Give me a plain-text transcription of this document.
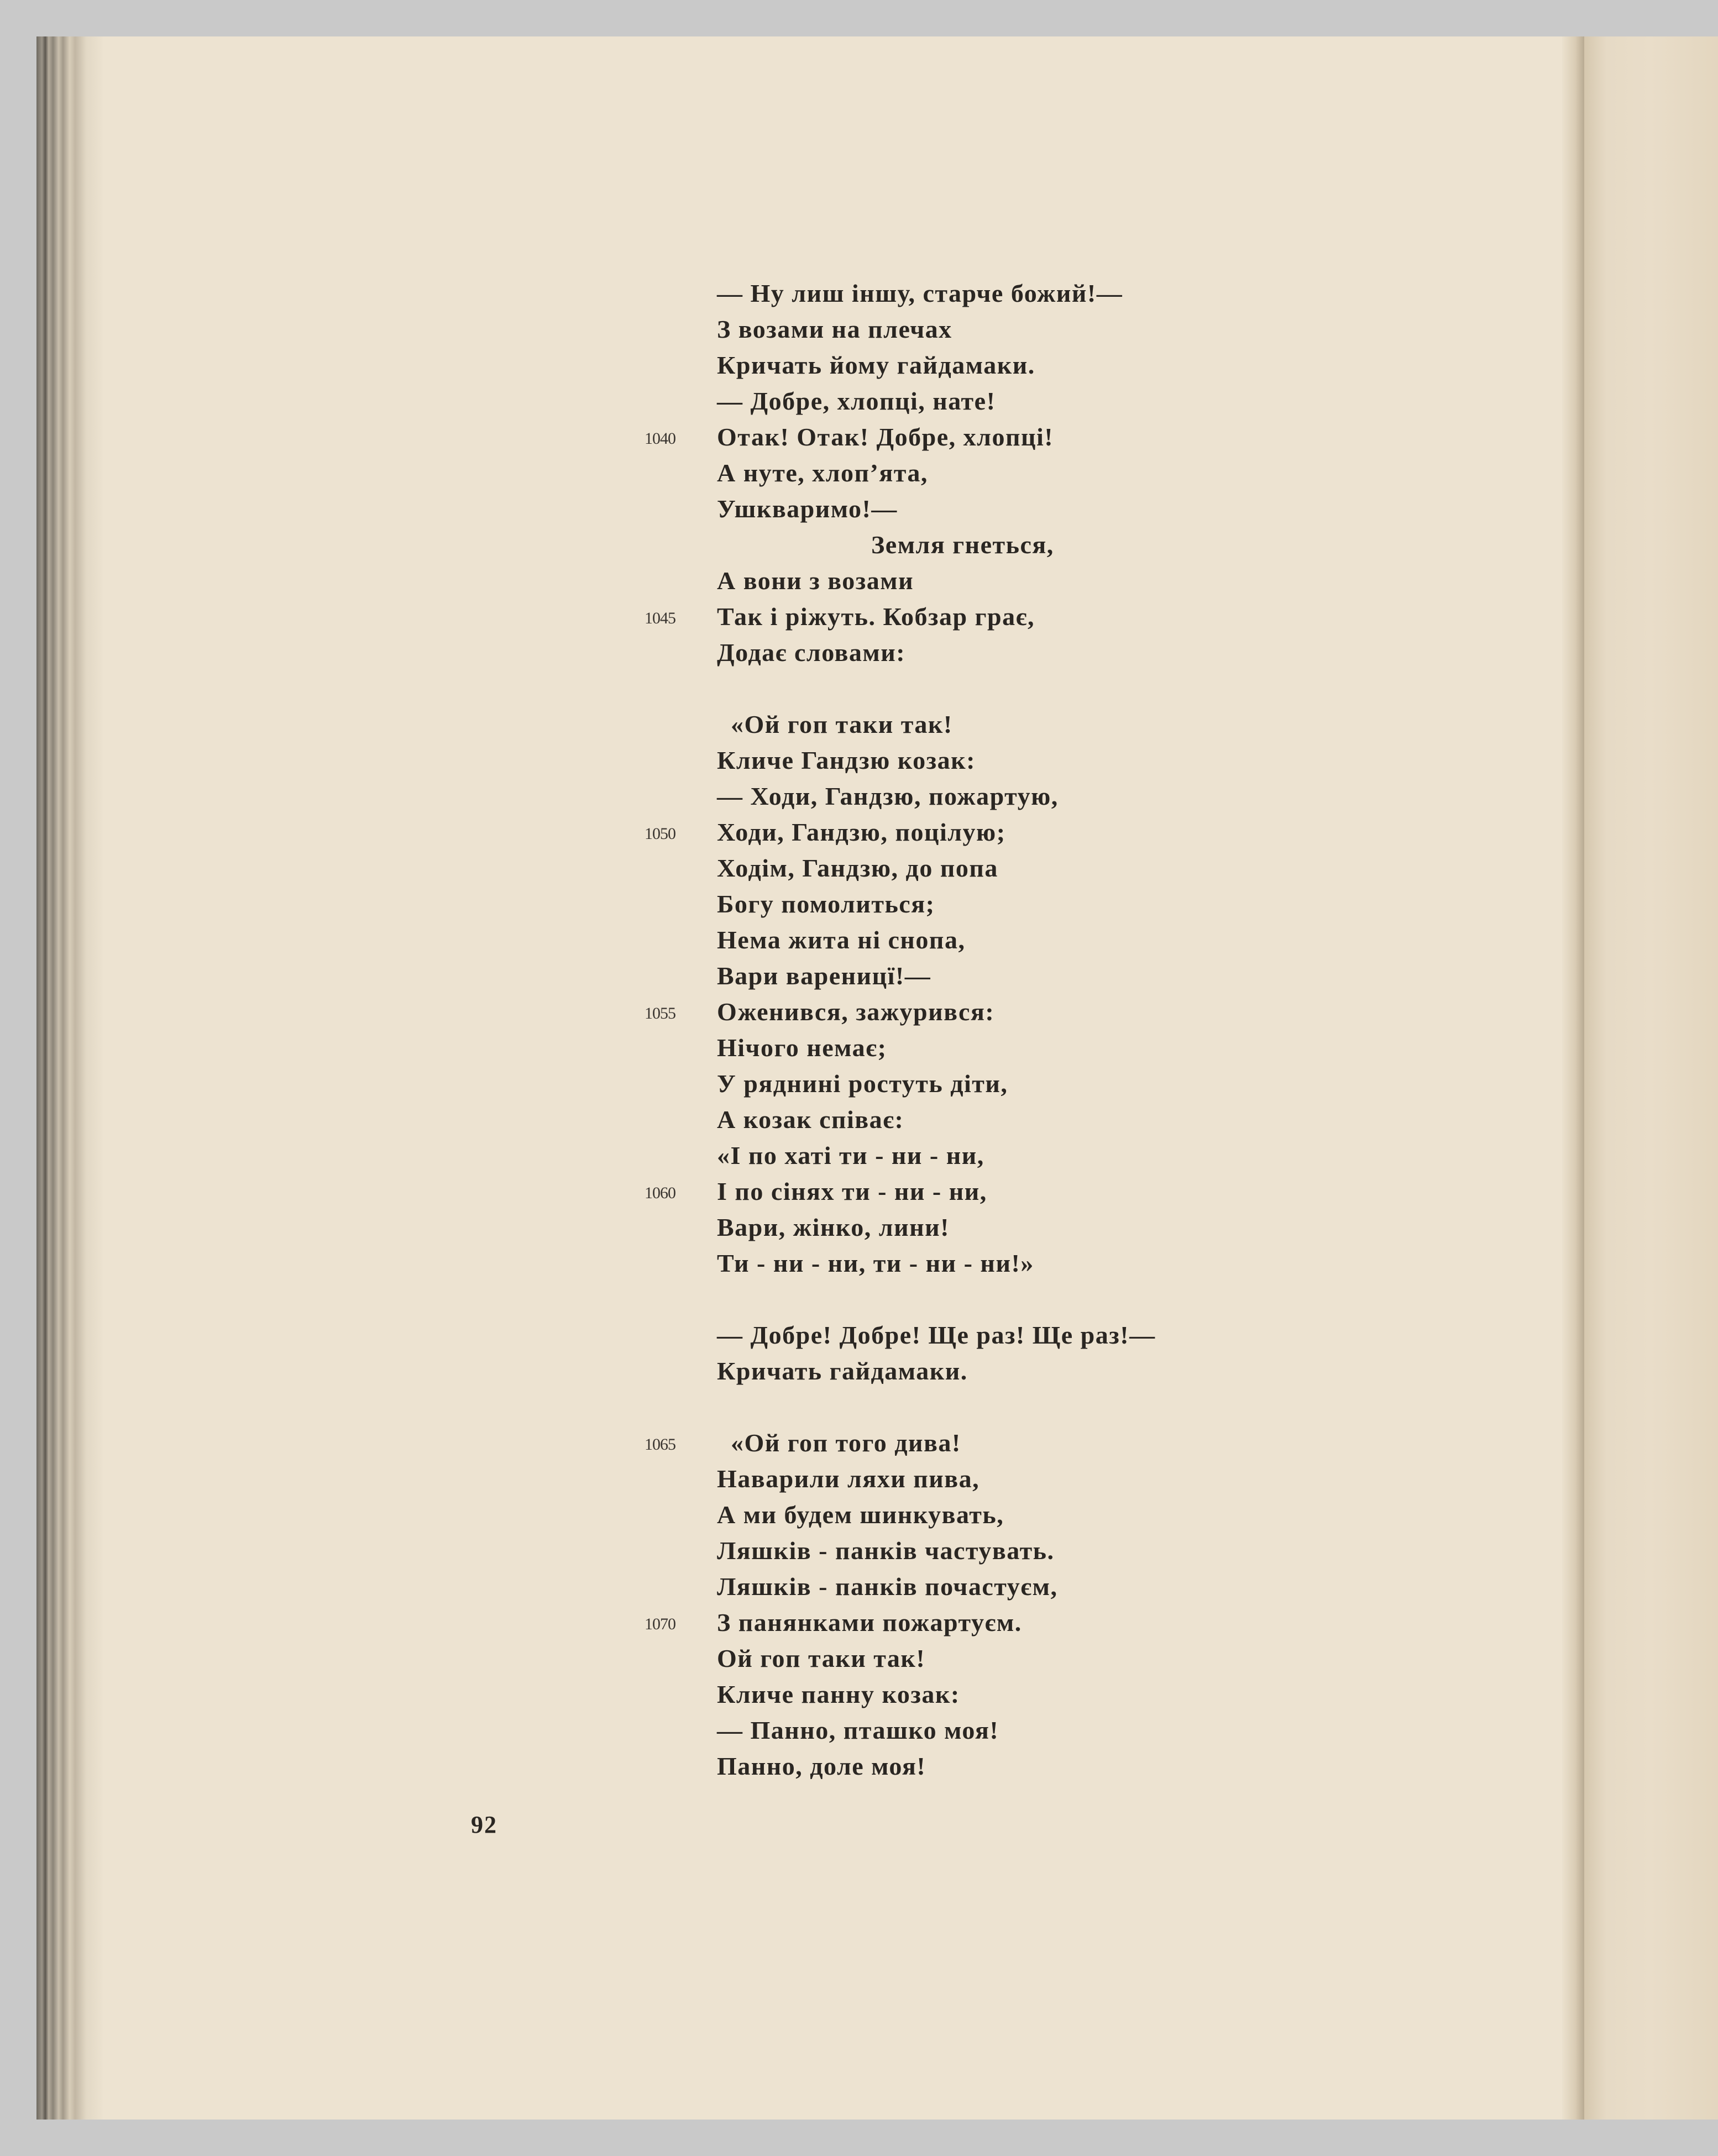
— Ну лиш іншу, старче божий!—
З возами на плечах
Кричать йому гайдамаки.
— Добре, хлопці, нате!
1040 Отак! Отак! Добре, хлопці!
А нуте, хлоп’ята,
Ушкваримо!—
Земля гнеться,
А вони з возами
1045 Так і ріжуть. Кобзар грає,
Додає словами:
«Ой гоп таки так!
Кличе Гандзю козак:
— Ходи, Гандзю, пожартую,
1050 Ходи, Гандзю, поцілую;
Ходім, Гандзю, до попа
Богу помолиться;
Нема жита ні снопа,
Вари вареницї!—
1055 Оженився, зажурився:
Нічого немає;
У ряднині ростуть діти,
А козак співає:
«І по хаті ти - ни - ни,
1060 І по сінях ти - ни - ни,
Вари, жінко, лини!
Ти - ни - ни, ти - ни - ни!»
— Добре! Добре! Ще раз! Ще раз!—
Кричать гайдамаки.
1065 «Ой гоп того дива!
Наварили ляхи пива,
А ми будем шинкувать,
Ляшків - панків частувать.
Ляшків - панків почастуєм,
1070 З панянками пожартуєм.
Ой гоп таки так!
Кличе панну козак:
— Панно, пташко моя!
Панно, доле моя!
92
